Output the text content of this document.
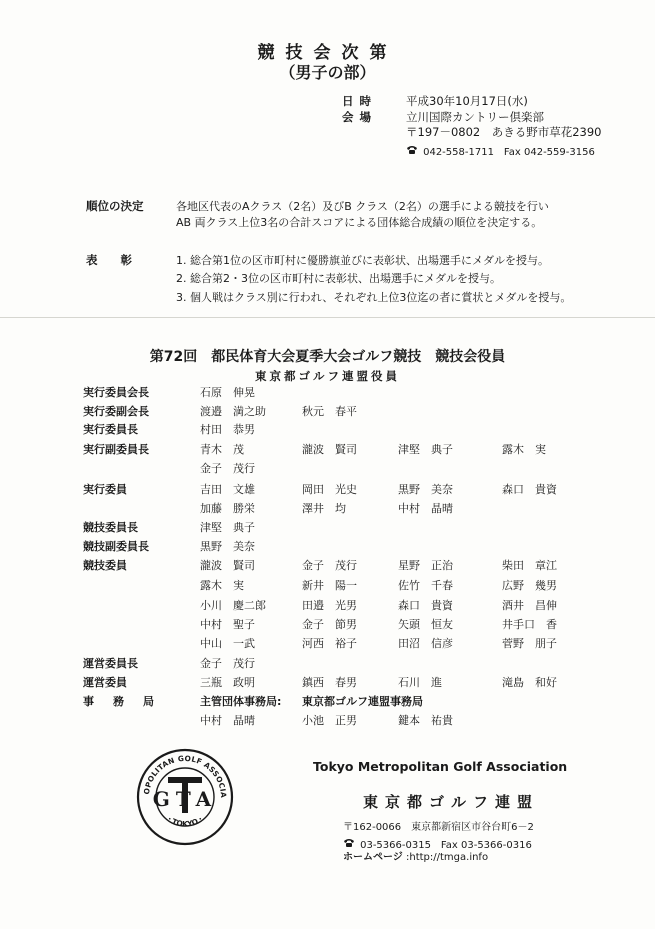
競技会次第
（男子の部）
日時	平成30年10月17日(水)
会場	立川国際カントリー倶楽部
〒197－0802　あきる野市草花2390
042-558-1711　Fax 042-559-3156
順位の決定	各地区代表のAクラス（2名）及びB クラス（2名）の選手による競技を行い
AB 両クラス上位3名の合計スコアによる団体総合成績の順位を決定する。
表　　彰	1. 総合第1位の区市町村に優勝旗並びに表彰状、出場選手にメダルを授与。
2. 総合第2・3位の区市町村に表彰状、出場選手にメダルを授与。
3. 個人戦はクラス別に行われ、それぞれ上位3位迄の者に賞状とメダルを授与。
第72回　都民体育大会夏季大会ゴルフ競技　競技会役員
東京都ゴルフ連盟役員
実行委員会長	石原　伸晃
実行委副会長	渡邉　満之助	秋元　春平
実行委員長	村田　恭男
実行副委員長	青木　茂	瀧波　賢司	津堅　典子	露木　実
金子　茂行
実行委員	吉田　文雄	岡田　光史	黒野　美奈	森口　貴資
加藤　勝栄	澤井　均	中村　晶晴
競技委員長	津堅　典子
競技副委員長	黒野　美奈
競技委員	瀧波　賢司	金子　茂行	星野　正治	柴田　章江
露木　実	新井　陽一	佐竹　千春	広野　幾男
小川　慶二郎	田邉　光男	森口　貴資	酒井　昌伸
中村　聖子	金子　節男	矢頭　恒友	井手口　香
中山　一武	河西　裕子	田沼　信彦	菅野　朋子
運営委員長	金子　茂行
運営委員	三瓶　政明	鎮西　春男	石川　進	滝島　和好
事務局 主管団体事務局: 東京都ゴルフ連盟事務局
中村　晶晴	小池　正男	鍵本　祐貴
OPOLITAN GOLF ASSOCIA
・TOKYO・
GTA
Tokyo Metropolitan Golf Association
東京都ゴルフ連盟
〒162-0066　東京都新宿区市谷台町6－2
03-5366-0315　Fax 03-5366-0316
ホームページ :http://tmga.info
